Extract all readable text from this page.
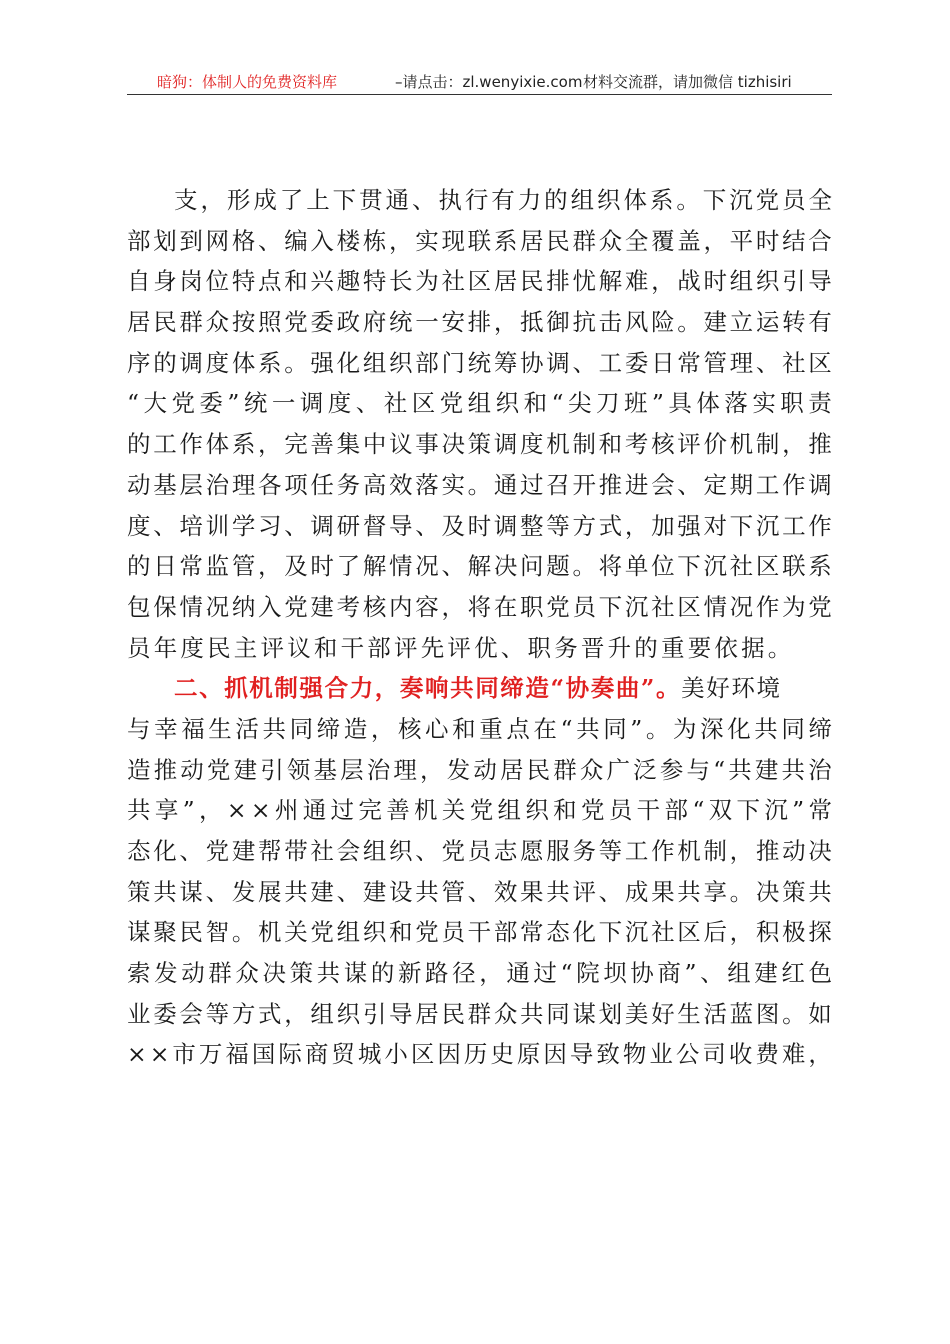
暗狗：体制人的免费资料库	–请点击：zl.wenyixie.com 材料交流群，请加微信 tizhisiri
支 ， 形 成 了 上 下 贯 通 、 执 行 有 力 的 组 织 体 系 。 下 沉 党 员 全
部 划 到 网 格 、 编 入 楼 栋 ， 实 现 联 系 居 民 群 众 全 覆 盖 ， 平 时 结 合
自 身 岗 位 特 点 和 兴 趣 特 长 为 社 区 居 民 排 忧 解 难 ， 战 时 组 织 引 导
居 民 群 众 按 照 党 委 政 府 统 一 安 排 ， 抵 御 抗 击 风 险 。 建 立 运 转 有
序 的 调 度 体 系 。 强 化 组 织 部 门 统 筹 协 调 、 工 委 日 常 管 理 、 社 区
“ 大 党 委 ” 统 一 调 度 、 社 区 党 组 织 和 “ 尖 刀 班 ” 具 体 落 实 职 责
的 工 作 体 系 ， 完 善 集 中 议 事 决 策 调 度 机 制 和 考 核 评 价 机 制 ， 推
动 基 层 治 理 各 项 任 务 高 效 落 实 。 通 过 召 开 推 进 会 、 定 期 工 作 调
度 、 培 训 学 习 、 调 研 督 导 、 及 时 调 整 等 方 式 ， 加 强 对 下 沉 工 作
的 日 常 监 管 ， 及 时 了 解 情 况 、 解 决 问 题 。 将 单 位 下 沉 社 区 联 系
包 保 情 况 纳 入 党 建 考 核 内 容 ， 将 在 职 党 员 下 沉 社 区 情 况 作 为 党
员年度民主评议和干部评先评优、职务晋升的重要依据。
二、抓机制强合力，奏响共同缔造“协奏曲”。 美好环境
与 幸 福 生 活 共 同 缔 造 ， 核 心 和 重 点 在 “ 共 同 ” 。 为 深 化 共 同 缔
造 推 动 党 建 引 领 基 层 治 理 ， 发 动 居 民 群 众 广 泛 参 与 “ 共 建 共 治
共 享 ” ， × × 州 通 过 完 善 机 关 党 组 织 和 党 员 干 部 “ 双 下 沉 ” 常
态 化 、 党 建 帮 带 社 会 组 织 、 党 员 志 愿 服 务 等 工 作 机 制 ， 推 动 决
策 共 谋 、 发 展 共 建 、 建 设 共 管 、 效 果 共 评 、 成 果 共 享 。 决 策 共
谋 聚 民 智 。 机 关 党 组 织 和 党 员 干 部 常 态 化 下 沉 社 区 后 ， 积 极 探
索 发 动 群 众 决 策 共 谋 的 新 路 径 ， 通 过 “ 院 坝 协 商 ” 、 组 建 红 色
业 委 会 等 方 式 ， 组 织 引 导 居 民 群 众 共 同 谋 划 美 好 生 活 蓝 图 。 如
× × 市 万 福 国 际 商 贸 城 小 区 因 历 史 原 因 导 致 物 业 公 司 收 费 难 ，
